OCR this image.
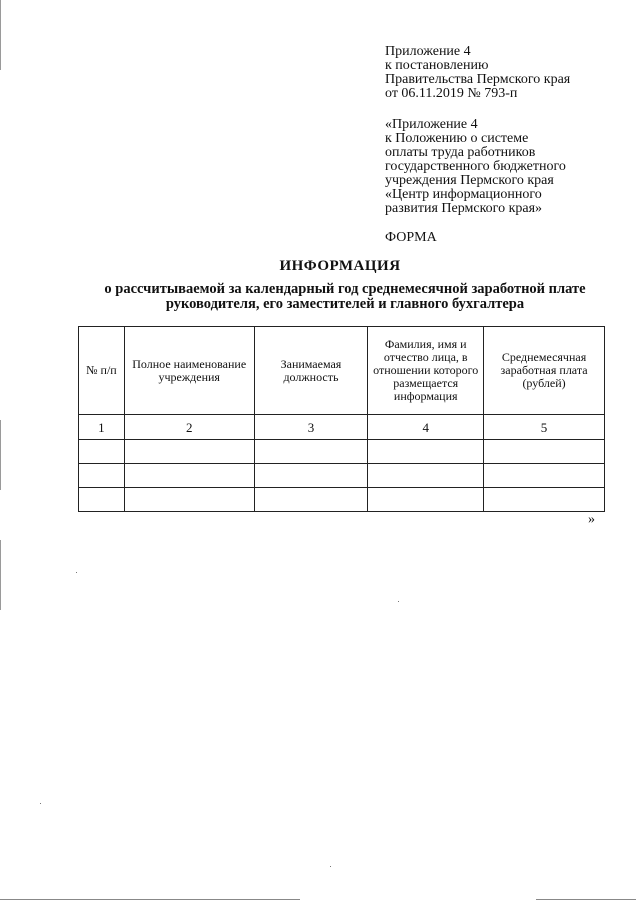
Приложение 4
к постановлению
Правительства Пермского края
от 06.11.2019 № 793-п
«Приложение 4
к Положению о системе
оплаты труда работников
государственного бюджетного
учреждения Пермского края
«Центр информационного
развития Пермского края»
ФОРМА
ИНФОРМАЦИЯ
о рассчитываемой за календарный год среднемесячной заработной плате руководителя, его заместителей и главного бухгалтера
№ п/п	Полное наименование учреждения	Занимаемая должность	Фамилия, имя и отчество лица, в отношении которого размещается информация	Среднемесячная заработная плата (рублей)
1	2	3	4	5

»
